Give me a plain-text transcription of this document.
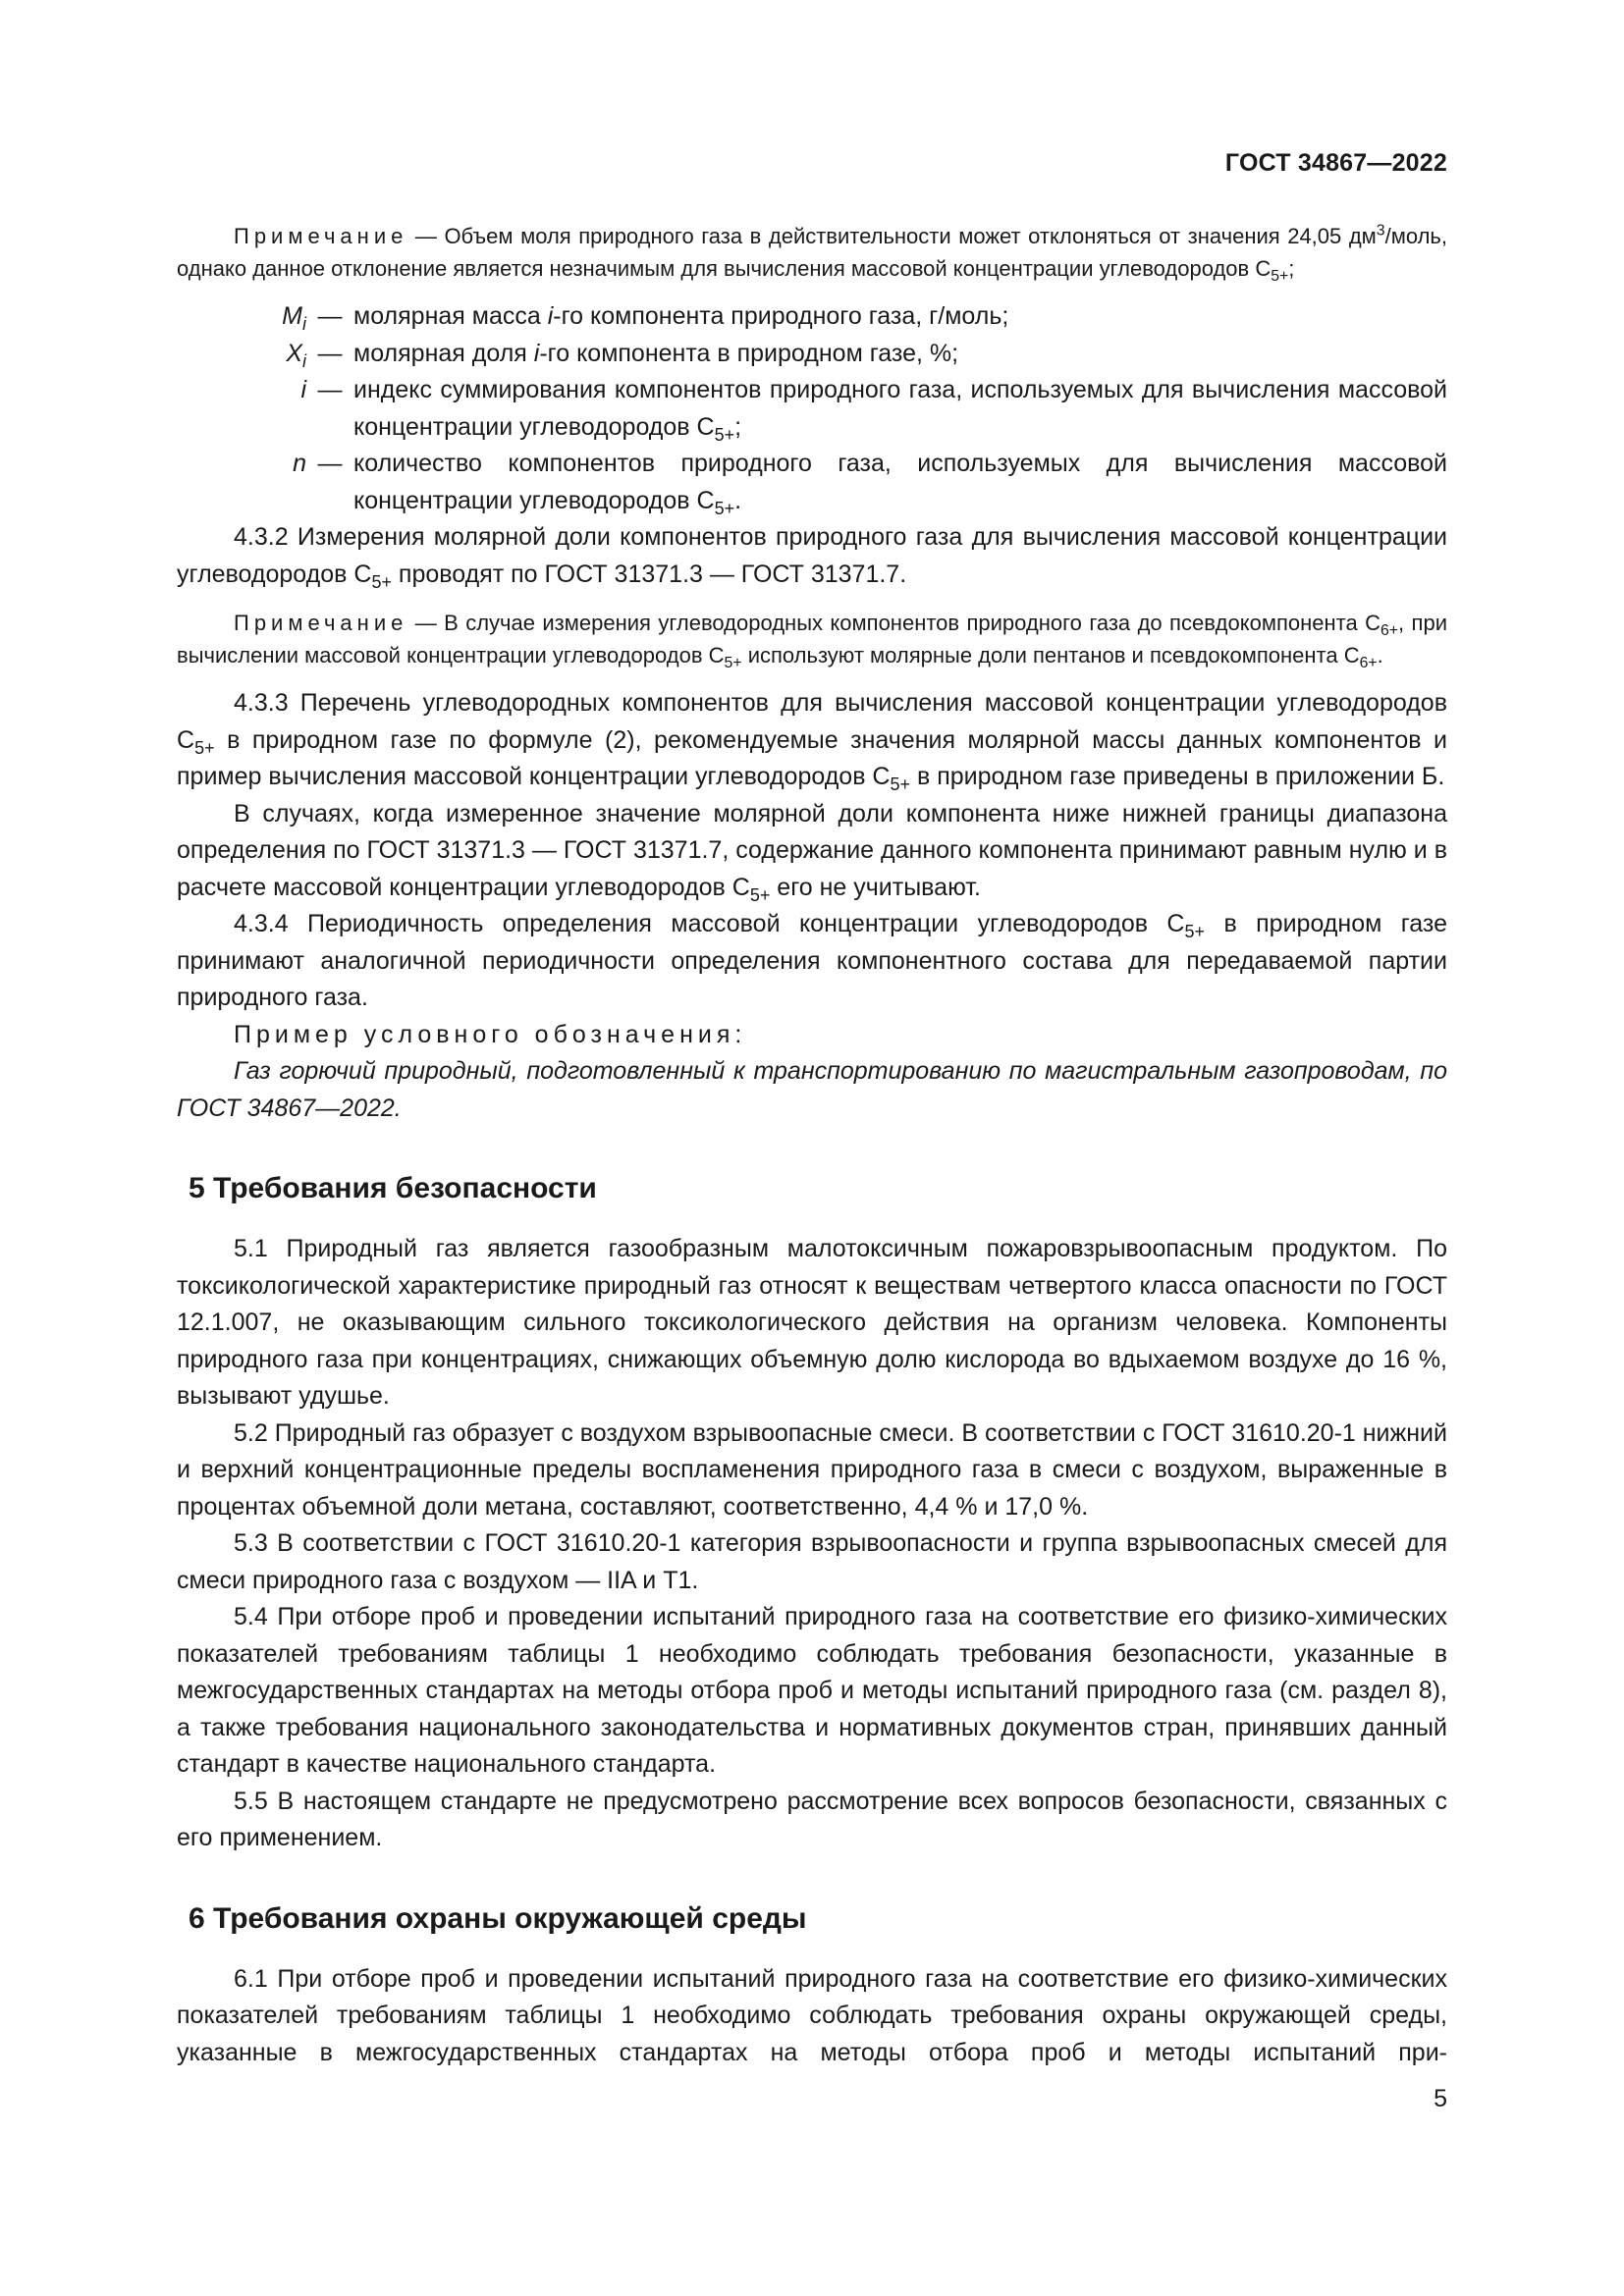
ГОСТ 34867—2022

Примечание — Объем моля природного газа в действительности может отклоняться от значения 24,05 $дм^3$/моль, однако данное отклонение является незначимым для вычисления массовой концентрации углеводородов $C_{5+}$;

$M_i$ — молярная масса i-го компонента природного газа, г/моль;
$X_i$ — молярная доля i-го компонента в природном газе, %;
i — индекс суммирования компонентов природного газа, используемых для вычисления массовой концентрации углеводородов $C_{5+}$;
n — количество компонентов природного газа, используемых для вычисления массовой концентрации углеводородов $C_{5+}$.

4.3.2 Измерения молярной доли компонентов природного газа для вычисления массовой концентрации углеводородов $C_{5+}$ проводят по ГОСТ 31371.3 — ГОСТ 31371.7.

Примечание — В случае измерения углеводородных компонентов природного газа до псевдокомпонента $C_{6+}$, при вычислении массовой концентрации углеводородов $C_{5+}$ используют молярные доли пентанов и псевдокомпонента $C_{6+}$.

4.3.3 Перечень углеводородных компонентов для вычисления массовой концентрации углеводородов $C_{5+}$ в природном газе по формуле (2), рекомендуемые значения молярной массы данных компонентов и пример вычисления массовой концентрации углеводородов $C_{5+}$ в природном газе приведены в приложении Б.

В случаях, когда измеренное значение молярной доли компонента ниже нижней границы диапазона определения по ГОСТ 31371.3 — ГОСТ 31371.7, содержание данного компонента принимают равным нулю и в расчете массовой концентрации углеводородов $C_{5+}$ его не учитывают.

4.3.4 Периодичность определения массовой концентрации углеводородов $C_{5+}$ в природном газе принимают аналогичной периодичности определения компонентного состава для передаваемой партии природного газа.

Пример условного обозначения:

Газ горючий природный, подготовленный к транспортированию по магистральным газопроводам, по ГОСТ 34867—2022.

5 Требования безопасности

5.1 Природный газ является газообразным малотоксичным пожаровзрывоопасным продуктом. По токсикологической характеристике природный газ относят к веществам четвертого класса опасности по ГОСТ 12.1.007, не оказывающим сильного токсикологического действия на организм человека. Компоненты природного газа при концентрациях, снижающих объемную долю кислорода во вдыхаемом воздухе до 16 %, вызывают удушье.

5.2 Природный газ образует с воздухом взрывоопасные смеси. В соответствии с ГОСТ 31610.20-1 нижний и верхний концентрационные пределы воспламенения природного газа в смеси с воздухом, выраженные в процентах объемной доли метана, составляют, соответственно, 4,4 % и 17,0 %.

5.3 В соответствии с ГОСТ 31610.20-1 категория взрывоопасности и группа взрывоопасных смесей для смеси природного газа с воздухом — IIA и T1.

5.4 При отборе проб и проведении испытаний природного газа на соответствие его физико-химических показателей требованиям таблицы 1 необходимо соблюдать требования безопасности, указанные в межгосударственных стандартах на методы отбора проб и методы испытаний природного газа (см. раздел 8), а также требования национального законодательства и нормативных документов стран, принявших данный стандарт в качестве национального стандарта.

5.5 В настоящем стандарте не предусмотрено рассмотрение всех вопросов безопасности, связанных с его применением.

6 Требования охраны окружающей среды

6.1 При отборе проб и проведении испытаний природного газа на соответствие его физико-химических показателей требованиям таблицы 1 необходимо соблюдать требования охраны окружающей среды, указанные в межгосударственных стандартах на методы отбора проб и методы испытаний при-

5
